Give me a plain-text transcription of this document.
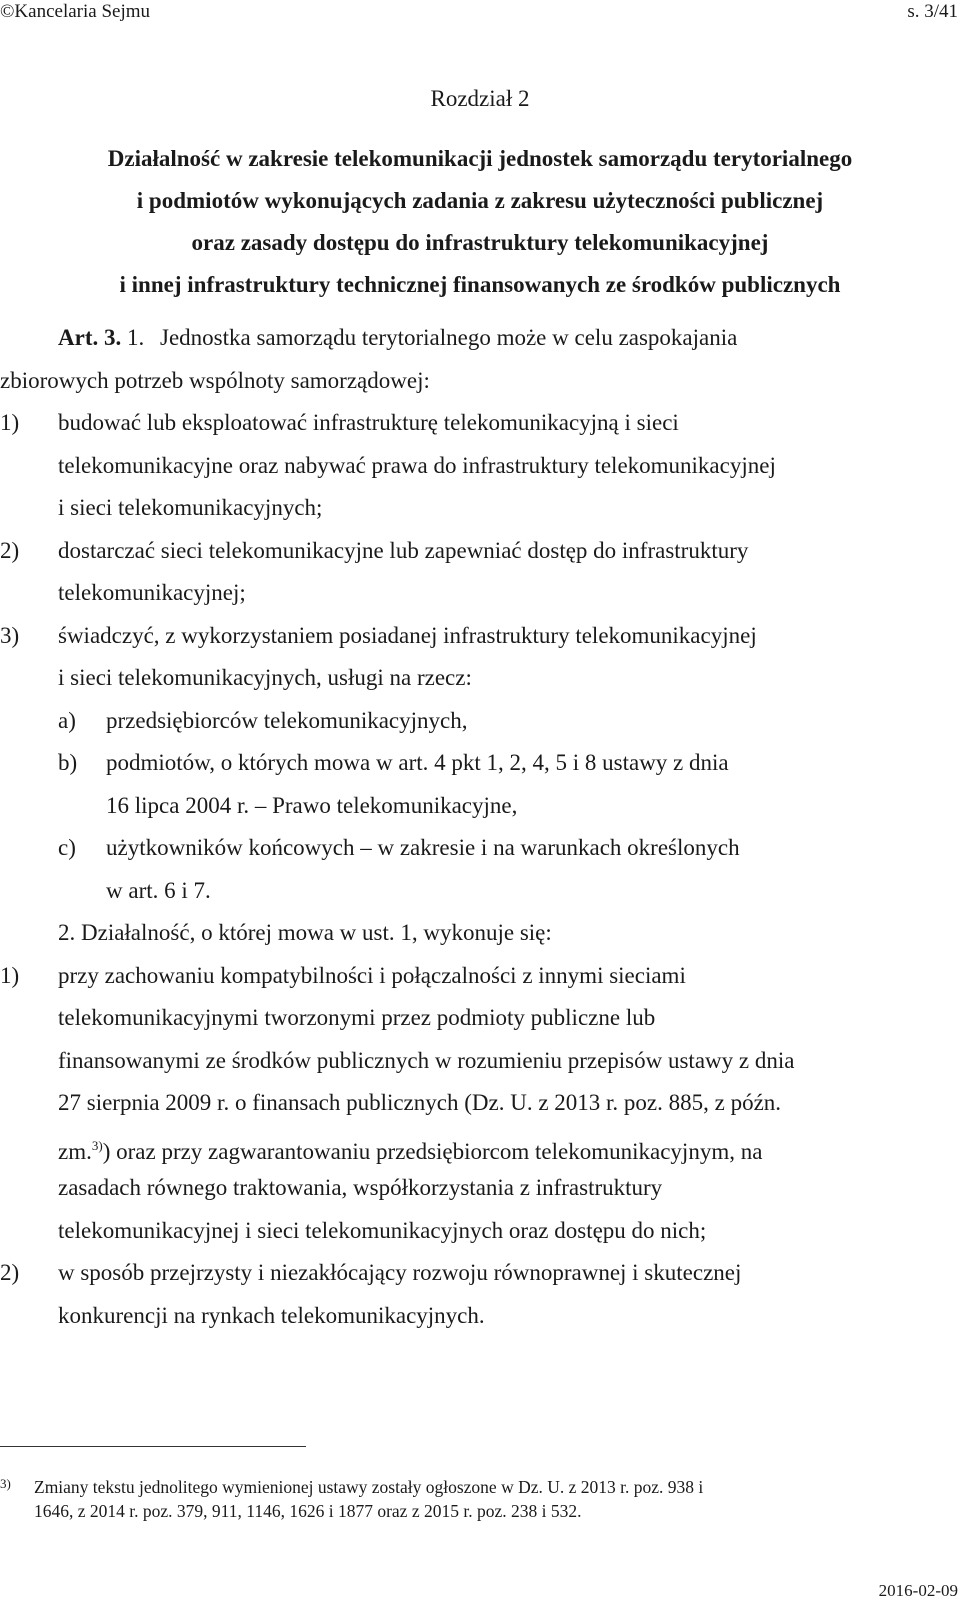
©Kancelaria Sejmu	s. 3/41
Rozdział 2
Działalność w zakresie telekomunikacji jednostek samorządu terytorialnego
i podmiotów wykonujących zadania z zakresu użyteczności publicznej
oraz zasady dostępu do infrastruktury telekomunikacyjnej
i innej infrastruktury technicznej finansowanych ze środków publicznych
Art. 3. 1. Jednostka samorządu terytorialnego może w celu zaspokajania
zbiorowych potrzeb wspólnoty samorządowej:
1) budować lub eksploatować infrastrukturę telekomunikacyjną i sieci
telekomunikacyjne oraz nabywać prawa do infrastruktury telekomunikacyjnej
i sieci telekomunikacyjnych;
2) dostarczać sieci telekomunikacyjne lub zapewniać dostęp do infrastruktury
telekomunikacyjnej;
3) świadczyć, z wykorzystaniem posiadanej infrastruktury telekomunikacyjnej
i sieci telekomunikacyjnych, usługi na rzecz:
a) przedsiębiorców telekomunikacyjnych,
b) podmiotów, o których mowa w art. 4 pkt 1, 2, 4, 5 i 8 ustawy z dnia
16 lipca 2004 r. – Prawo telekomunikacyjne,
c) użytkowników końcowych – w zakresie i na warunkach określonych
w art. 6 i 7.
2. Działalność, o której mowa w ust. 1, wykonuje się:
1) przy zachowaniu kompatybilności i połączalności z innymi sieciami
telekomunikacyjnymi tworzonymi przez podmioty publiczne lub
finansowanymi ze środków publicznych w rozumieniu przepisów ustawy z dnia
27 sierpnia 2009 r. o finansach publicznych (Dz. U. z 2013 r. poz. 885, z późn.
zm.$^{3)}$) oraz przy zagwarantowaniu przedsiębiorcom telekomunikacyjnym, na
zasadach równego traktowania, współkorzystania z infrastruktury
telekomunikacyjnej i sieci telekomunikacyjnych oraz dostępu do nich;
2) w sposób przejrzysty i niezakłócający rozwoju równoprawnej i skutecznej
konkurencji na rynkach telekomunikacyjnych.
3) Zmiany tekstu jednolitego wymienionej ustawy zostały ogłoszone w Dz. U. z 2013 r. poz. 938 i
1646, z 2014 r. poz. 379, 911, 1146, 1626 i 1877 oraz z 2015 r. poz. 238 i 532.
2016-02-09
